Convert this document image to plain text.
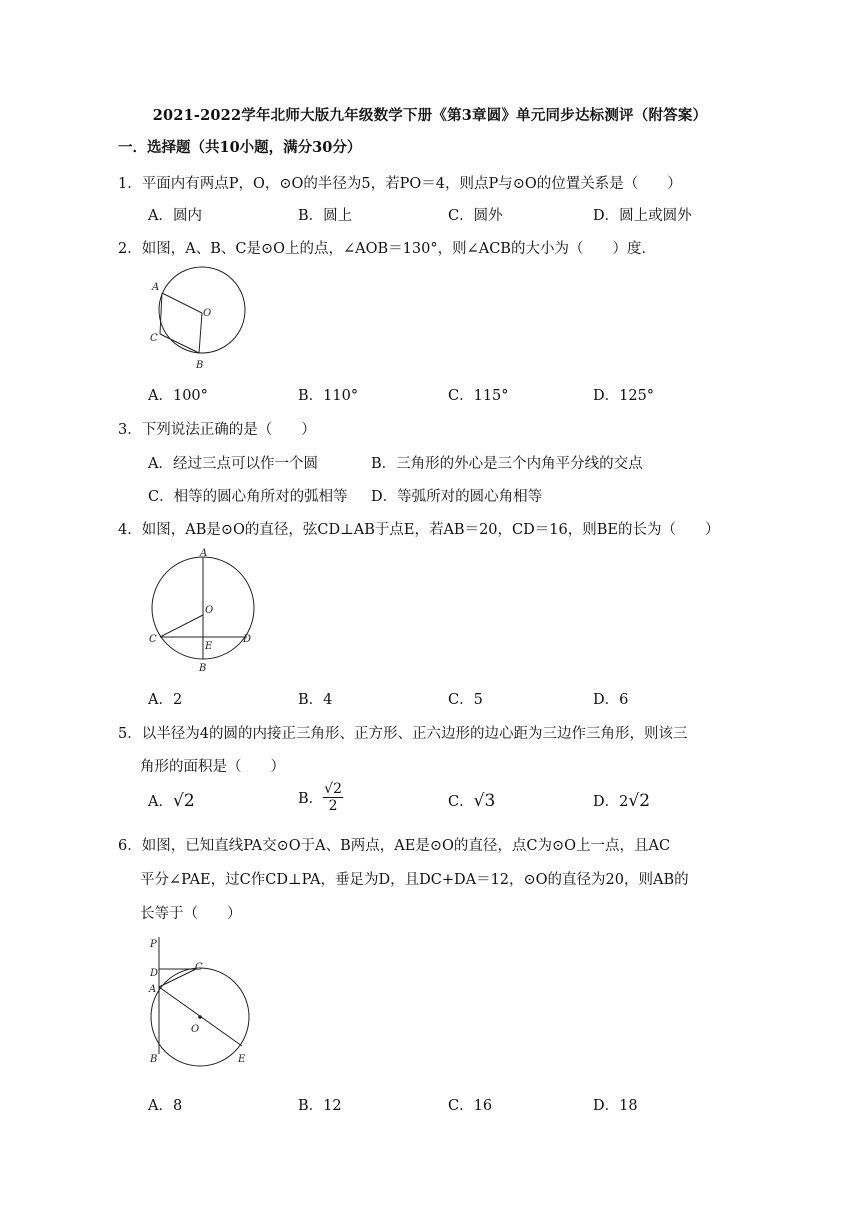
2021-2022学年北师大版九年级数学下册《第3章圆》单元同步达标测评（附答案）
一．选择题（共10小题，满分30分）
1．平面内有两点P，O，⊙O的半径为5，若PO＝4，则点P与⊙O的位置关系是（　　）
A．圆内	B．圆上	C．圆外	D．圆上或圆外
2．如图，A、B、C是⊙O上的点，∠AOB＝130°，则∠ACB的大小为（　　）度．
A
O
C
B
A．100°	B．110°	C．115°	D．125°
3．下列说法正确的是（　　）
A．经过三点可以作一个圆	B．三角形的外心是三个内角平分线的交点
C．相等的圆心角所对的弧相等 D．等弧所对的圆心角相等
4．如图，AB是⊙O的直径，弦CD⊥AB于点E，若AB＝20，CD＝16，则BE的长为（　　）
A
O
C
E
D
B
A．2	B．4	C．5	D．6
5．以半径为4的圆的内接正三角形、正方形、正六边形的边心距为三边作三角形，则该三
角形的面积是（　　）
A．√2	B． $\frac{√2}{2}$	C．√3	D．2√2
6．如图，已知直线PA交⊙O于A、B两点，AE是⊙O的直径，点C为⊙O上一点，且AC
平分∠PAE，过C作CD⊥PA，垂足为D，且DC+DA＝12，⊙O的直径为20，则AB的
长等于（　　）
P
D
C
A
O
B	E
A．8	B．12	C．16	D．18
